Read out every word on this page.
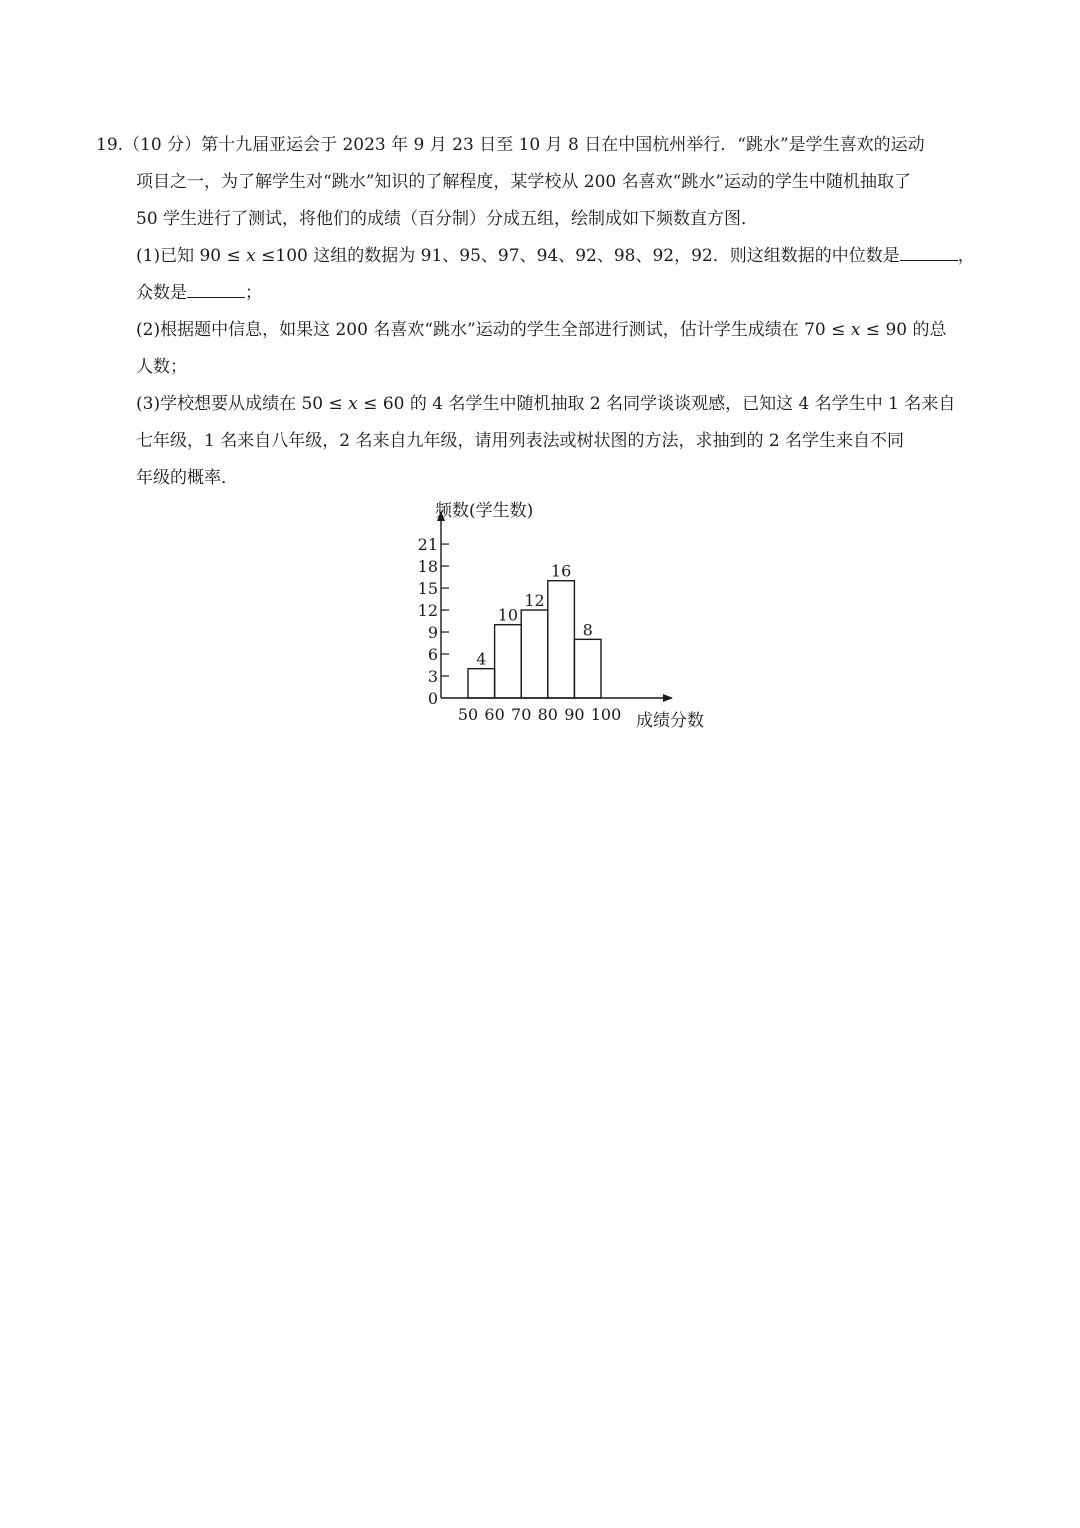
19.（10 分）第十九届亚运会于 2023 年 9 月 23 日至 10 月 8 日在中国杭州举行．“跳水”是学生喜欢的运动
项目之一，为了解学生对“跳水”知识的了解程度，某学校从 200 名喜欢“跳水”运动的学生中随机抽取了
50 学生进行了测试，将他们的成绩（百分制）分成五组，绘制成如下频数直方图．
(1)已知 90 ≤ x ≤100 这组的数据为 91、95、97、94、92、98、92，92．则这组数据的中位数是	，
众数是	；
(2)根据题中信息，如果这 200 名喜欢“跳水”运动的学生全部进行测试，估计学生成绩在 70 ≤ x ≤ 90 的总
人数；
(3)学校想要从成绩在 50 ≤ x ≤ 60 的 4 名学生中随机抽取 2 名同学谈谈观感，已知这 4 名学生中 1 名来自
七年级，1 名来自八年级，2 名来自九年级，请用列表法或树状图的方法，求抽到的 2 名学生来自不同
年级的概率．
0
3
6
9
12
15
18
21
4
10
12
16
8
50 60 70 80 90 100
频数(学生数)
成绩分数
